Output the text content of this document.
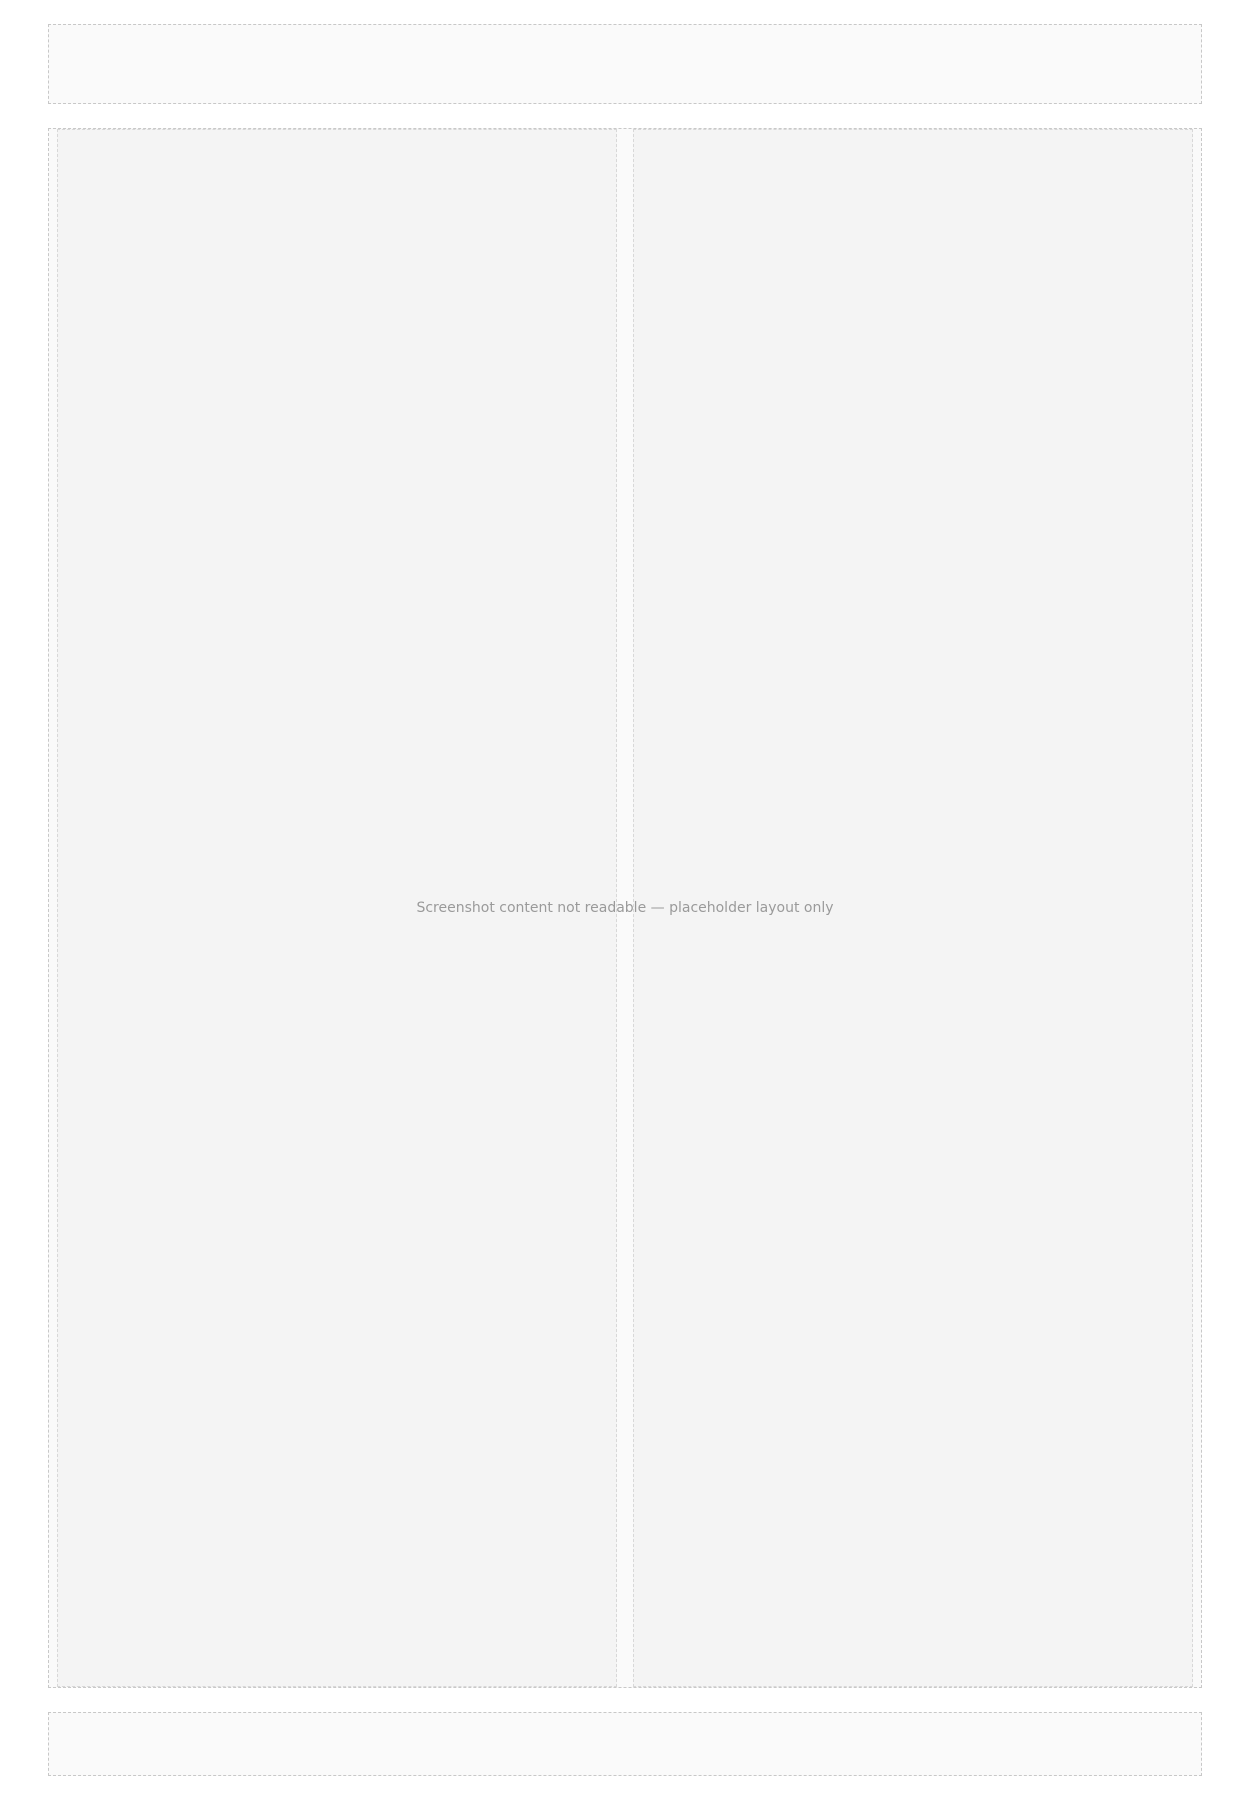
Screenshot content not readable — placeholder layout only
